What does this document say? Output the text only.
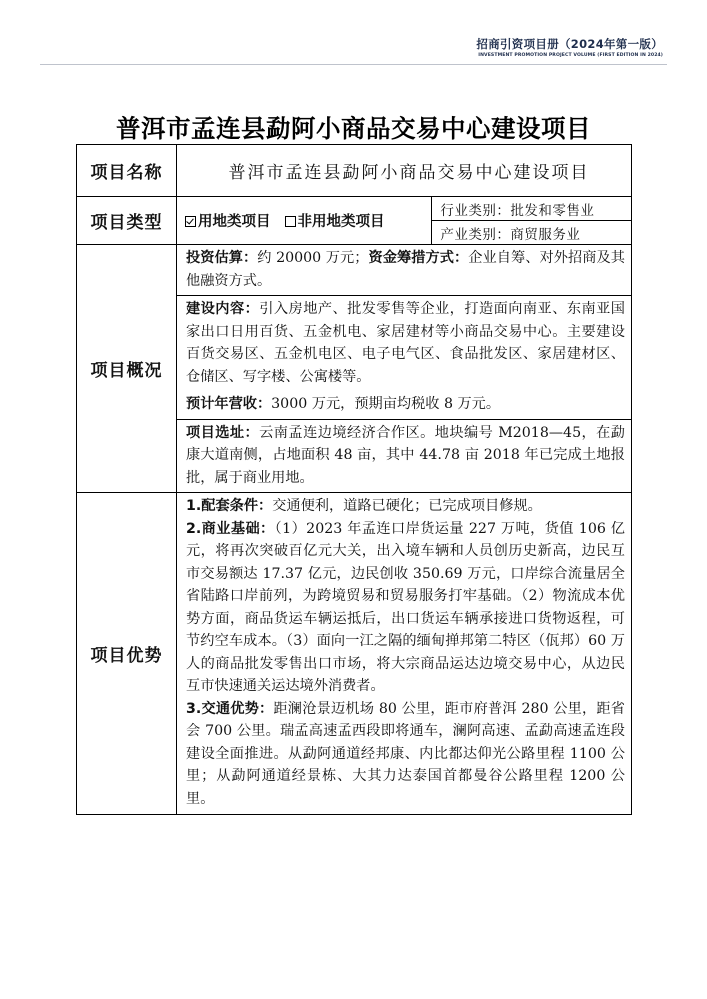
招商引资项目册（2024年第一版）
INVESTMENT PROMOTION PROJECT VOLUME (FIRST EDITION IN 2024)
普洱市孟连县勐阿小商品交易中心建设项目
项目名称	普洱市孟连县勐阿小商品交易中心建设项目	
项目类型	用地类项目 非用地类项目	行业类别：批发和零售业
		产业类别：商贸服务业
项目概况	投资估算：约 20000 万元；资金筹措方式：企业自筹、对外招商及其他融资方式。	
	建设内容：引入房地产、批发零售等企业，打造面向南亚、东南亚国家出口日用百货、五金机电、家居建材等小商品交易中心。主要建设百货交易区、五金机电区、电子电气区、食品批发区、家居建材区、仓储区、写字楼、公寓楼等。	
	预计年营收：3000 万元，预期亩均税收 8 万元。	
	项目选址：云南孟连边境经济合作区。地块编号 M2018—45，在勐康大道南侧，占地面积 48 亩，其中 44.78 亩 2018 年已完成土地报批，属于商业用地。	
项目优势	1.配套条件：交通便利，道路已硬化；已完成项目修规。
2.商业基础：（1）2023 年孟连口岸货运量 227 万吨，货值 106 亿元，将再次突破百亿元大关，出入境车辆和人员创历史新高，边民互市交易额达 17.37 亿元，边民创收 350.69 万元，口岸综合流量居全省陆路口岸前列，为跨境贸易和贸易服务打牢基础。（2）物流成本优势方面，商品货运车辆运抵后，出口货运车辆承接进口货物返程，可节约空车成本。（3）面向一江之隔的缅甸掸邦第二特区（佤邦）60 万人的商品批发零售出口市场，将大宗商品运达边境交易中心，从边民互市快速通关运达境外消费者。
3.交通优势：距澜沧景迈机场 80 公里，距市府普洱 280 公里，距省会 700 公里。瑞孟高速孟西段即将通车，澜阿高速、孟勐高速孟连段建设全面推进。从勐阿通道经邦康、内比都达仰光公路里程 1100 公里；从勐阿通道经景栋、大其力达泰国首都曼谷公路里程 1200 公里。	
